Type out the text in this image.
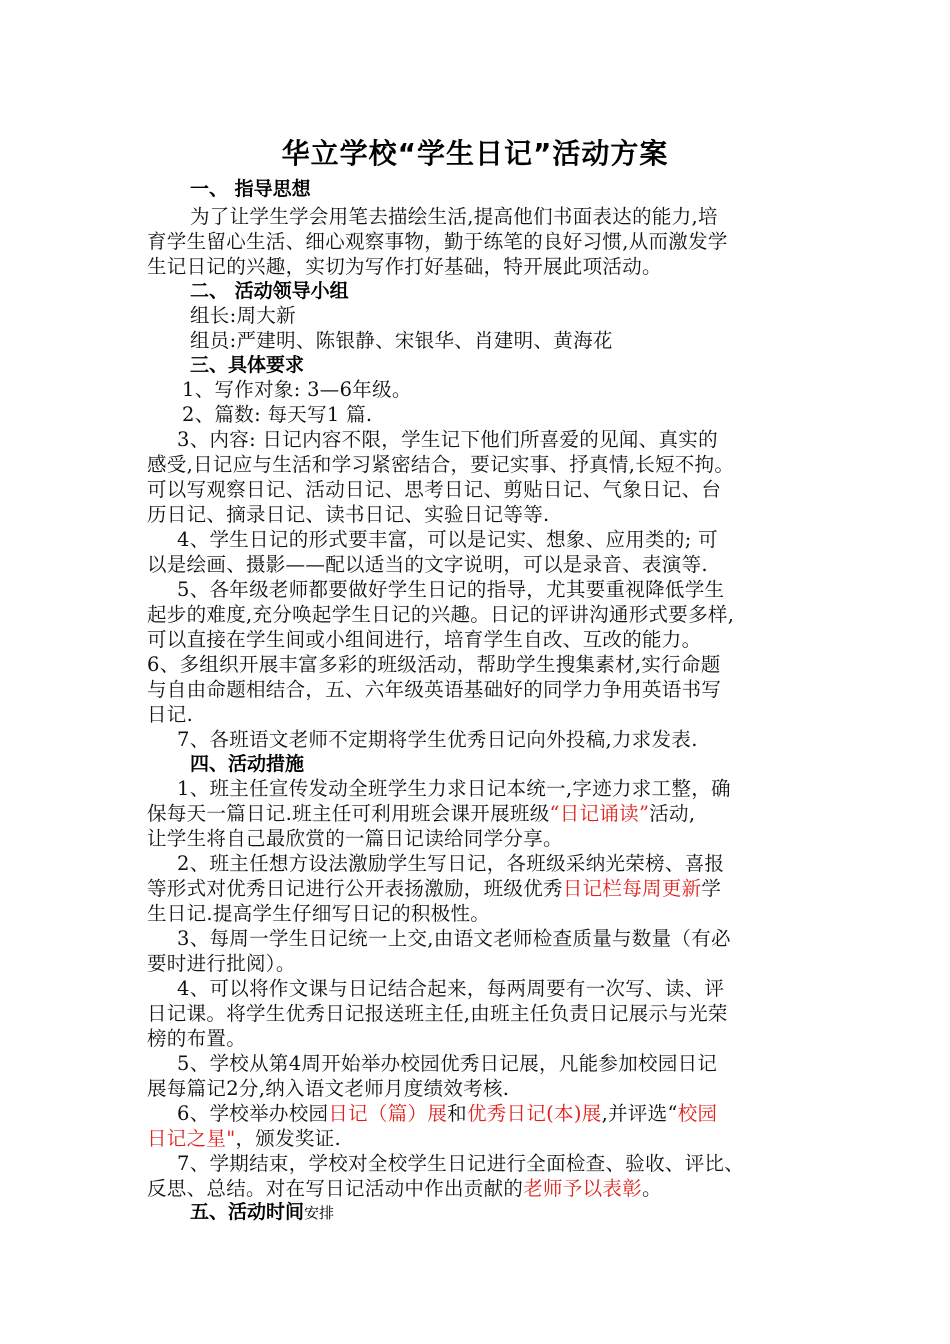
华立学校“学生日记”活动方案
一、 指导思想
为了让学生学会用笔去描绘生活,提高他们书面表达的能力,培
育学生留心生活、细心观察事物，勤于练笔的良好习惯,从而激发学
生记日记的兴趣，实切为写作打好基础，特开展此项活动。
二、 活动领导小组
组长:周大新
组员:严建明、陈银静、宋银华、肖建明、黄海花
三、具体要求
1、写作对象: 3—6年级。
2、篇数: 每天写1 篇.
3、内容: 日记内容不限，学生记下他们所喜爱的见闻、真实的
感受,日记应与生活和学习紧密结合，要记实事、抒真情,长短不拘。
可以写观察日记、活动日记、思考日记、剪贴日记、气象日记、台
历日记、摘录日记、读书日记、实验日记等等.
4、学生日记的形式要丰富，可以是记实、想象、应用类的; 可
以是绘画、摄影——配以适当的文字说明，可以是录音、表演等.
5、各年级老师都要做好学生日记的指导，尤其要重视降低学生
起步的难度,充分唤起学生日记的兴趣。日记的评讲沟通形式要多样,
可以直接在学生间或小组间进行，培育学生自改、互改的能力。
6、多组织开展丰富多彩的班级活动，帮助学生搜集素材,实行命题
与自由命题相结合，五、六年级英语基础好的同学力争用英语书写
日记.
7、各班语文老师不定期将学生优秀日记向外投稿,力求发表.
四、活动措施
1、班主任宣传发动全班学生力求日记本统一,字迹力求工整，确
保每天一篇日记.班主任可利用班会课开展班级“日记诵读”活动,
让学生将自己最欣赏的一篇日记读给同学分享。
2、班主任想方设法激励学生写日记，各班级采纳光荣榜、喜报
等形式对优秀日记进行公开表扬激励，班级优秀日记栏每周更新学
生日记.提高学生仔细写日记的积极性。
3、每周一学生日记统一上交,由语文老师检查质量与数量（有必
要时进行批阅）。
4、可以将作文课与日记结合起来，每两周要有一次写、读、评
日记课。将学生优秀日记报送班主任,由班主任负责日记展示与光荣
榜的布置。
5、学校从第4周开始举办校园优秀日记展，凡能参加校园日记
展每篇记2分,纳入语文老师月度绩效考核.
6、学校举办校园日记（篇）展和优秀日记(本)展,并评选“校园
日记之星"，颁发奖证.
7、学期结束，学校对全校学生日记进行全面检查、验收、评比、
反思、总结。对在写日记活动中作出贡献的老师予以表彰。
五、活动时间安排
